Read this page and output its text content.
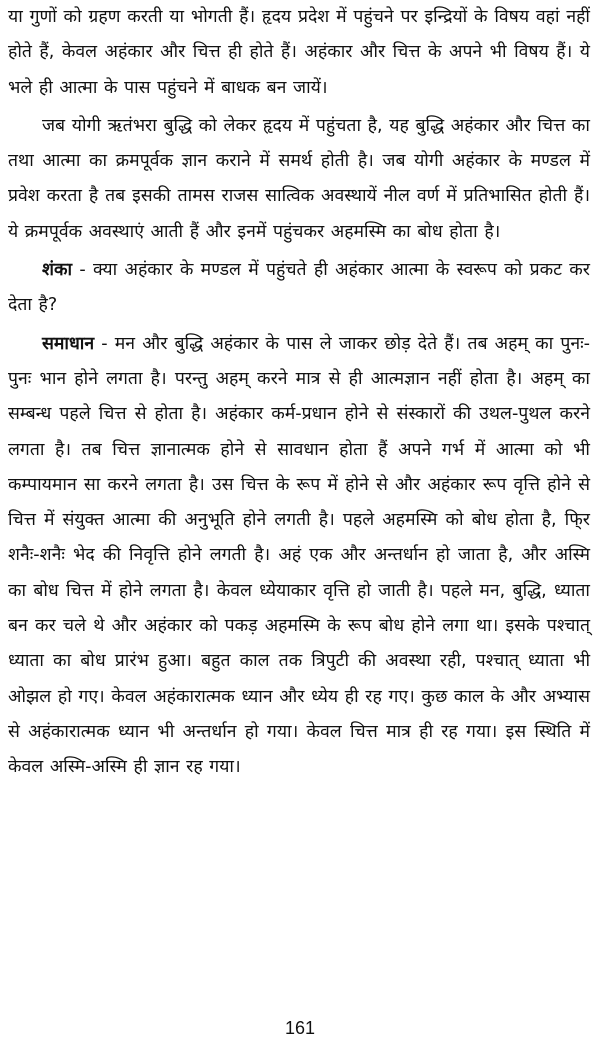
या गुणों को ग्रहण करती या भोगती हैं। हृदय प्रदेश में पहुंचने पर इन्द्रियों के विषय वहां नहीं होते हैं, केवल अहंकार और चित्त ही होते हैं। अहंकार और चित्त के अपने भी विषय हैं। ये भले ही आत्मा के पास पहुंचने में बाधक बन जायें।

जब योगी ऋतंभरा बुद्धि को लेकर हृदय में पहुंचता है, यह बुद्धि अहंकार और चित्त का तथा आत्मा का क्रमपूर्वक ज्ञान कराने में समर्थ होती है। जब योगी अहंकार के मण्डल में प्रवेश करता है तब इसकी तामस राजस सात्विक अवस्थायें नील वर्ण में प्रतिभासित होती हैं। ये क्रमपूर्वक अवस्थाएं आती हैं और इनमें पहुंचकर अहमस्मि का बोध होता है।

शंका - क्या अहंकार के मण्डल में पहुंचते ही अहंकार आत्मा के स्वरूप को प्रकट कर देता है?

समाधान - मन और बुद्धि अहंकार के पास ले जाकर छोड़ देते हैं। तब अहम् का पुनः-पुनः भान होने लगता है। परन्तु अहम् करने मात्र से ही आत्मज्ञान नहीं होता है। अहम् का सम्बन्ध पहले चित्त से होता है। अहंकार कर्म-प्रधान होने से संस्कारों की उथल-पुथल करने लगता है। तब चित्त ज्ञानात्मक होने से सावधान होता हैं अपने गर्भ में आत्मा को भी कम्पायमान सा करने लगता है। उस चित्त के रूप में होने से और अहंकार रूप वृत्ति होने से चित्त में संयुक्त आत्मा की अनुभूति होने लगती है। पहले अहमस्मि को बोध होता है, फि्र शनैः-शनैः भेद की निवृत्ति होने लगती है। अहं एक और अन्तर्धान हो जाता है, और अस्मि का बोध चित्त में होने लगता है। केवल ध्येयाकार वृत्ति हो जाती है। पहले मन, बुद्धि, ध्याता बन कर चले थे और अहंकार को पकड़ अहमस्मि के रूप बोध होने लगा था। इसके पश्चात् ध्याता का बोध प्रारंभ हुआ। बहुत काल तक त्रिपुटी की अवस्था रही, पश्चात् ध्याता भी ओझल हो गए। केवल अहंकारात्मक ध्यान और ध्येय ही रह गए। कुछ काल के और अभ्यास से अहंकारात्मक ध्यान भी अन्तर्धान हो गया। केवल चित्त मात्र ही रह गया। इस स्थिति में केवल अस्मि-अस्मि ही ज्ञान रह गया।

161
